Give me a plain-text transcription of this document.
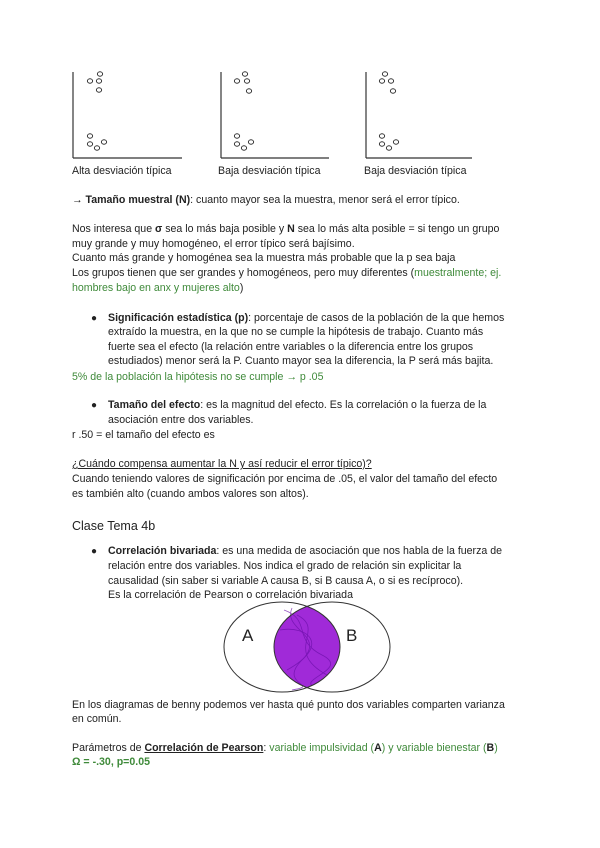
Alta desviación típica	Baja desviación típica	Baja desviación típica
→ Tamaño muestral (N): cuanto mayor sea la muestra, menor será el error típico.
Nos interesa que σ sea lo más baja posible y N sea lo más alta posible = si tengo un grupo
muy grande y muy homogéneo, el error típico será bajísimo.
Cuanto más grande y homogénea sea la muestra más probable que la p sea baja
Los grupos tienen que ser grandes y homogéneos, pero muy diferentes (muestralmente; ej.
hombres bajo en anx y mujeres alto)
● Significación estadística (p): porcentaje de casos de la población de la que hemos
extraído la muestra, en la que no se cumple la hipótesis de trabajo. Cuanto más
fuerte sea el efecto (la relación entre variables o la diferencia entre los grupos
estudiados) menor será la P. Cuanto mayor sea la diferencia, la P será más bajita.
5% de la población la hipótesis no se cumple → p .05
● Tamaño del efecto: es la magnitud del efecto. Es la correlación o la fuerza de la
asociación entre dos variables.
r .50 = el tamaño del efecto es
¿Cuándo compensa aumentar la N y así reducir el error típico)?
Cuando teniendo valores de significación por encima de .05, el valor del tamaño del efecto
es también alto (cuando ambos valores son altos).
Clase Tema 4b
● Correlación bivariada: es una medida de asociación que nos habla de la fuerza de
relación entre dos variables. Nos indica el grado de relación sin explicitar la
causalidad (sin saber si variable A causa B, si B causa A, o si es recíproco).
Es la correlación de Pearson o correlación bivariada
A	B
En los diagramas de benny podemos ver hasta qué punto dos variables comparten varianza
en común.
Parámetros de Correlación de Pearson: variable impulsividad (A) y variable bienestar (B)
Ω = -.30, p=0.05
